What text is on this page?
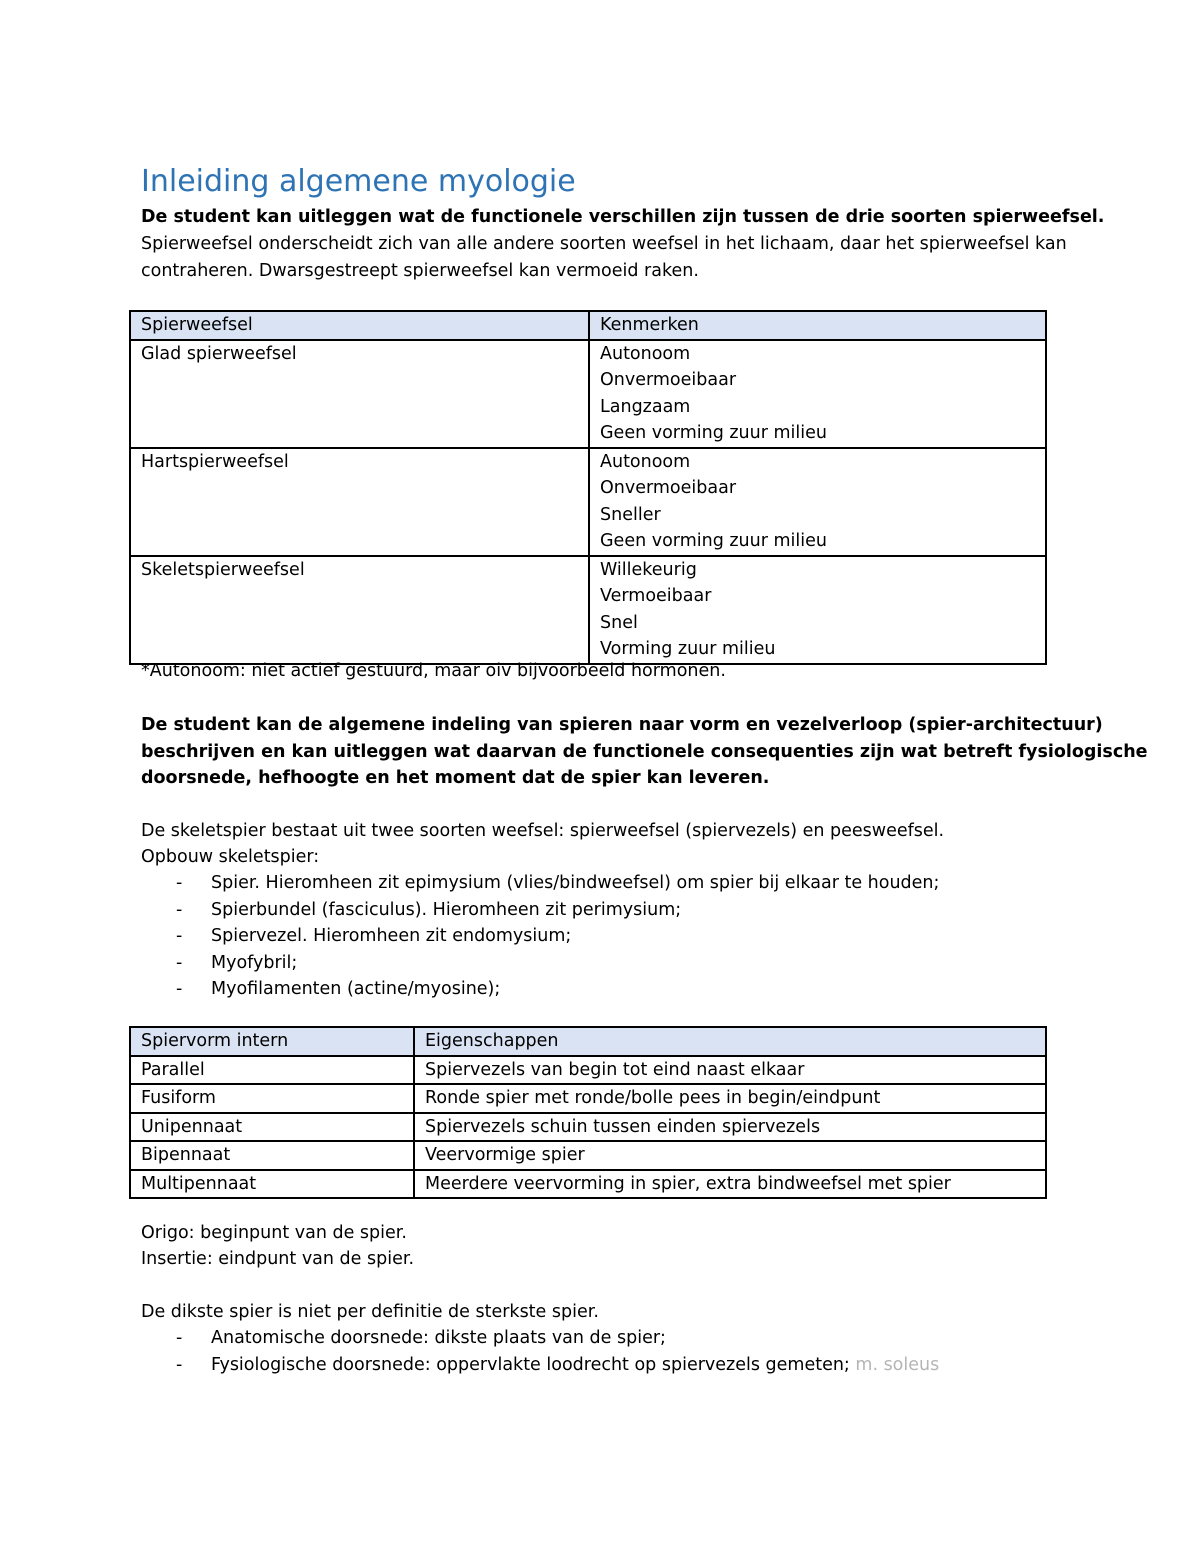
Inleiding algemene myologie
De student kan uitleggen wat de functionele verschillen zijn tussen de drie soorten spierweefsel.
Spierweefsel onderscheidt zich van alle andere soorten weefsel in het lichaam, daar het spierweefsel kan
contraheren. Dwarsgestreept spierweefsel kan vermoeid raken.
Spierweefsel	Kenmerken
Glad spierweefsel	Autonoom
Onvermoeibaar
Langzaam
Geen vorming zuur milieu

Hartspierweefsel	Autonoom
Onvermoeibaar
Sneller
Geen vorming zuur milieu

Skeletspierweefsel	Willekeurig
Vermoeibaar
Snel
Vorming zuur milieu
*Autonoom: niet actief gestuurd, maar oiv bijvoorbeeld hormonen.
De student kan de algemene indeling van spieren naar vorm en vezelverloop (spier-architectuur)
beschrijven en kan uitleggen wat daarvan de functionele consequenties zijn wat betreft fysiologische
doorsnede, hefhoogte en het moment dat de spier kan leveren.
De skeletspier bestaat uit twee soorten weefsel: spierweefsel (spiervezels) en peesweefsel.
Opbouw skeletspier:
- Spier. Hieromheen zit epimysium (vlies/bindweefsel) om spier bij elkaar te houden;
- Spierbundel (fasciculus). Hieromheen zit perimysium;
- Spiervezel. Hieromheen zit endomysium;
- Myofybril;
- Myofilamenten (actine/myosine);
Spiervorm intern	Eigenschappen
Parallel	Spiervezels van begin tot eind naast elkaar
Fusiform	Ronde spier met ronde/bolle pees in begin/eindpunt
Unipennaat	Spiervezels schuin tussen einden spiervezels
Bipennaat	Veervormige spier
Multipennaat	Meerdere veervorming in spier, extra bindweefsel met spier
Origo: beginpunt van de spier.
Insertie: eindpunt van de spier.
De dikste spier is niet per definitie de sterkste spier.
- Anatomische doorsnede: dikste plaats van de spier;
- Fysiologische doorsnede: oppervlakte loodrecht op spiervezels gemeten; m. soleus
